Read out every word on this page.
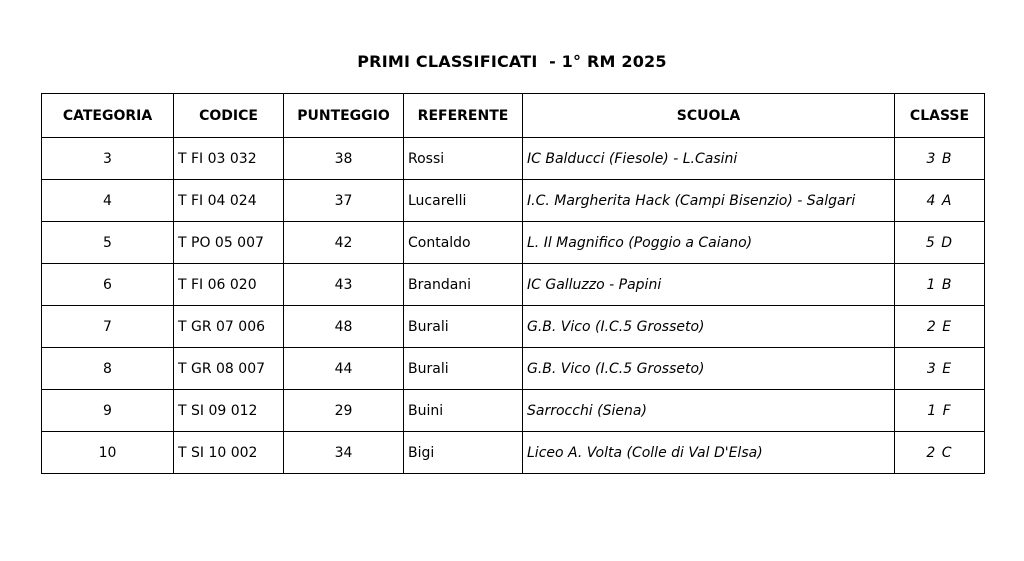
PRIMI CLASSIFICATI  - 1° RM 2025
CATEGORIA	CODICE	PUNTEGGIO	REFERENTE	SCUOLA	CLASSE
3	T FI 03 032	38	Rossi	IC Balducci (Fiesole) - L.Casini	3 B
4	T FI 04 024	37	Lucarelli	I.C. Margherita Hack (Campi Bisenzio) - Salgari	4 A
5	T PO 05 007	42	Contaldo	L. Il Magnifico (Poggio a Caiano)	5 D
6	T FI 06 020	43	Brandani	IC Galluzzo - Papini	1 B
7	T GR 07 006	48	Burali	G.B. Vico (I.C.5 Grosseto)	2 E
8	T GR 08 007	44	Burali	G.B. Vico (I.C.5 Grosseto)	3 E
9	T SI 09 012	29	Buini	Sarrocchi (Siena)	1 F
10	T SI 10 002	34	Bigi	Liceo A. Volta (Colle di Val D'Elsa)	2 C
